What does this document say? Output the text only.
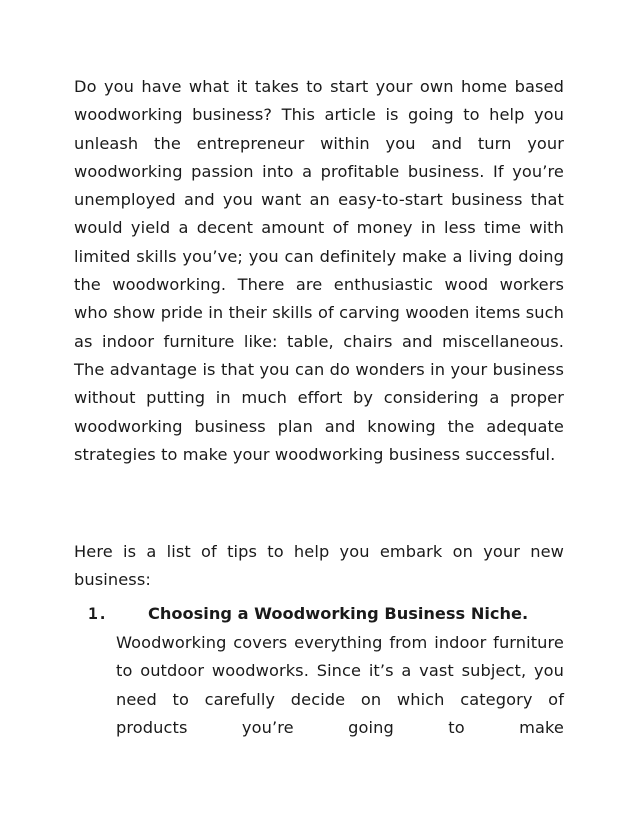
Do you have what it takes to start your own home based woodworking business? This article is going to help you unleash the entrepreneur within you and turn your woodworking passion into a profitable business. If you’re unemployed and you want an easy-to-start business that would yield a decent amount of money in less time with limited skills you’ve; you can definitely make a living doing the woodworking. There are enthusiastic wood workers who show pride in their skills of carving wooden items such as indoor furniture like: table, chairs and miscellaneous. The advantage is that you can do wonders in your business without putting in much effort by considering a proper woodworking business plan and knowing the adequate strategies to make your woodworking business successful.

Here is a list of tips to help you embark on your new business:

1.	Choosing a Woodworking Business Niche.

Woodworking covers everything from indoor furniture to outdoor woodworks. Since it’s a vast subject, you need to carefully decide on which category of products you’re going to make
